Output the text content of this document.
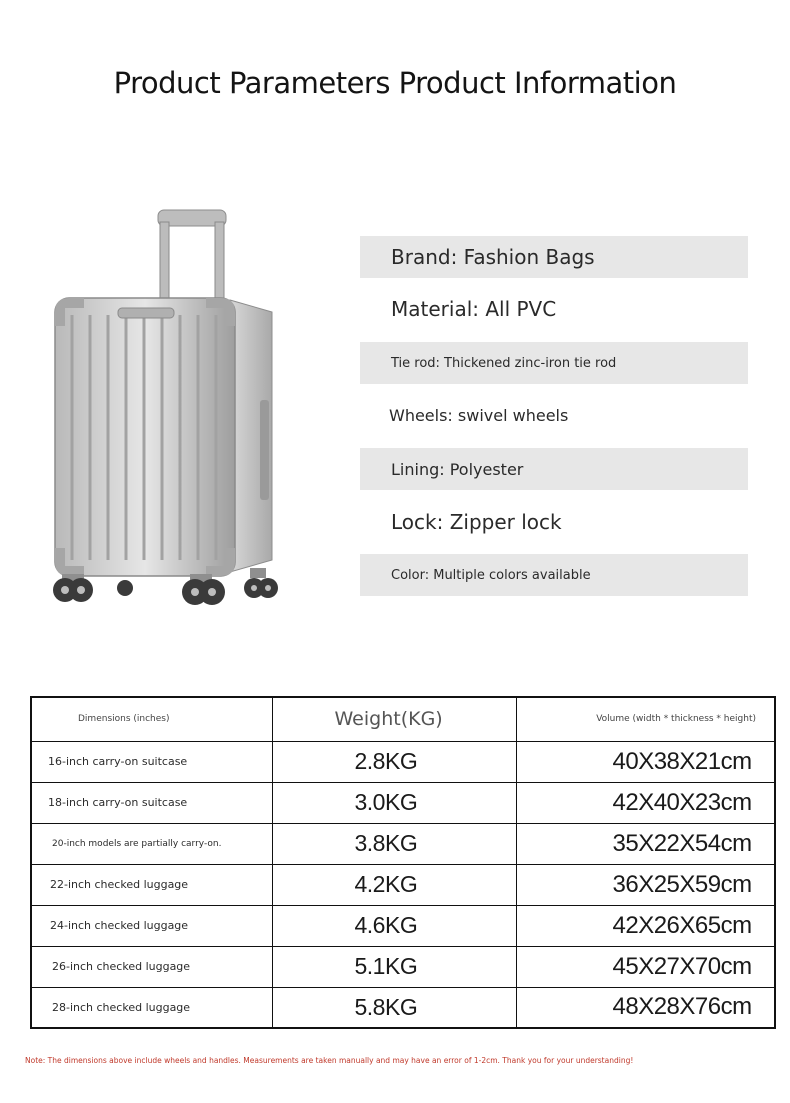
Product Parameters Product Information
Brand: Fashion Bags
Material: All PVC
Tie rod: Thickened zinc-iron tie rod
Wheels: swivel wheels
Lining: Polyester
Lock: Zipper lock
Color: Multiple colors available
Dimensions (inches)	Weight(KG)	Volume (width * thickness * height)
16-inch carry-on suitcase	2.8KG	40X38X21cm
18-inch carry-on suitcase	3.0KG	42X40X23cm
20-inch models are partially carry-on.	3.8KG	35X22X54cm
22-inch checked luggage	4.2KG	36X25X59cm
24-inch checked luggage	4.6KG	42X26X65cm
26-inch checked luggage	5.1KG	45X27X70cm
28-inch checked luggage	5.8KG	48X28X76cm
Note: The dimensions above include wheels and handles. Measurements are taken manually and may have an error of 1-2cm. Thank you for your understanding!
